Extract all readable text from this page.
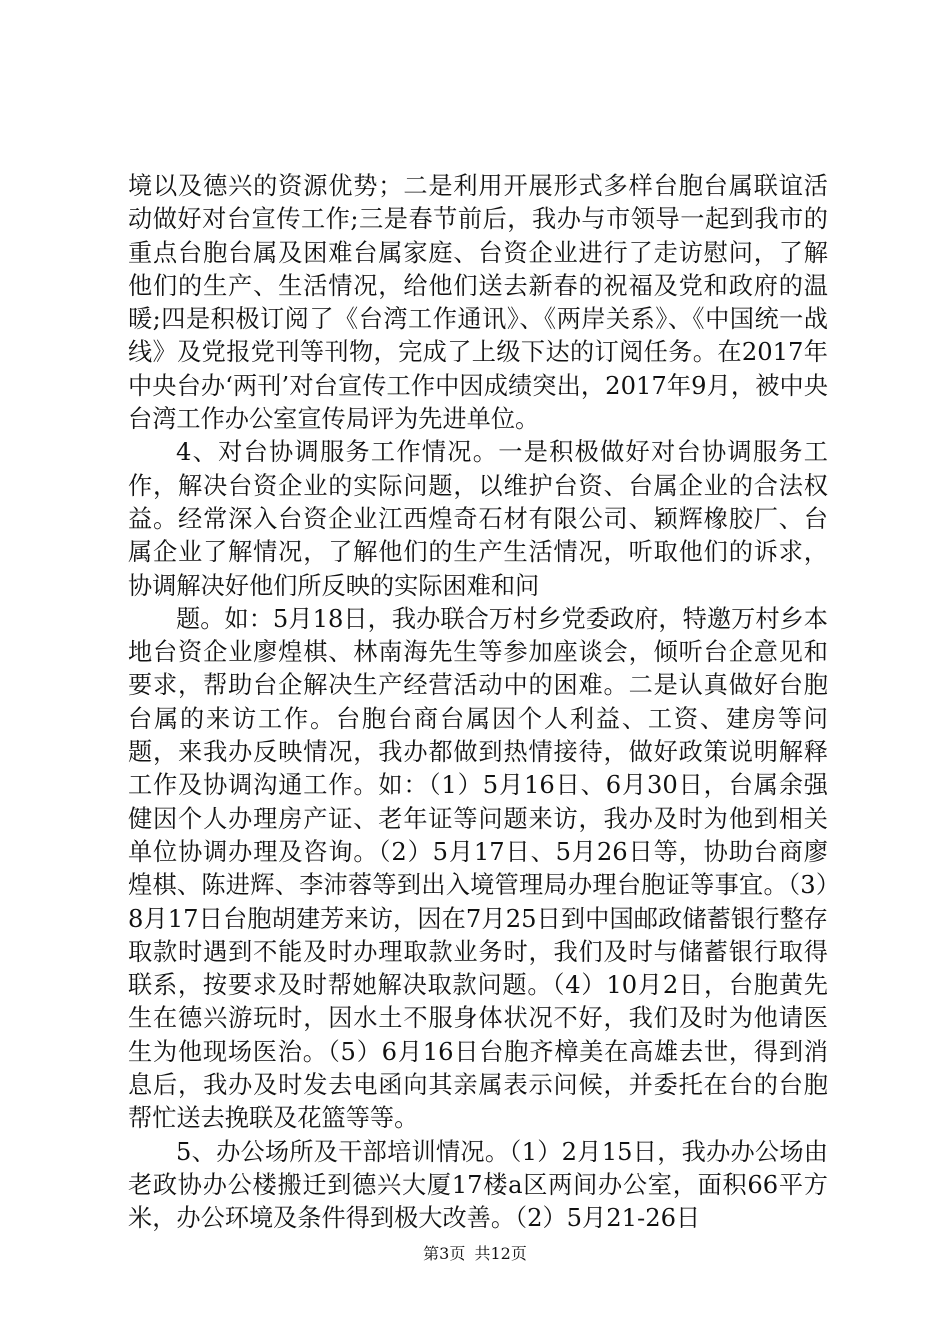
境以及德兴的资源优势；二是利用开展形式多样台胞台属联谊活动做好对台宣传工作;三是春节前后，我办与市领导一起到我市的重点台胞台属及困难台属家庭、台资企业进行了走访慰问，了解他们的生产、生活情况，给他们送去新春的祝福及党和政府的温暖;四是积极订阅了《台湾工作通讯》、《两岸关系》、《中国统一战线》及党报党刊等刊物，完成了上级下达的订阅任务。在2017年中央台办‘两刊’对台宣传工作中因成绩突出，2017年9月，被中央台湾工作办公室宣传局评为先进单位。

4、对台协调服务工作情况。一是积极做好对台协调服务工作，解决台资企业的实际问题，以维护台资、台属企业的合法权益。经常深入台资企业江西煌奇石材有限公司、颖辉橡胶厂、台属企业了解情况，了解他们的生产生活情况，听取他们的诉求，协调解决好他们所反映的实际困难和问

题。如：5月18日，我办联合万村乡党委政府，特邀万村乡本地台资企业廖煌棋、林南海先生等参加座谈会，倾听台企意见和要求，帮助台企解决生产经营活动中的困难。二是认真做好台胞台属的来访工作。台胞台商台属因个人利益、工资、建房等问题，来我办反映情况，我办都做到热情接待，做好政策说明解释工作及协调沟通工作。如：（1）5月16日、6月30日，台属余强健因个人办理房产证、老年证等问题来访，我办及时为他到相关单位协调办理及咨询。（2）5月17日、5月26日等，协助台商廖煌棋、陈进辉、李沛蓉等到出入境管理局办理台胞证等事宜。（3）8月17日台胞胡建芳来访，因在7月25日到中国邮政储蓄银行整存取款时遇到不能及时办理取款业务时，我们及时与储蓄银行取得联系，按要求及时帮她解决取款问题。（4）10月2日，台胞黄先生在德兴游玩时，因水土不服身体状况不好，我们及时为他请医生为他现场医治。（5）6月16日台胞齐樟美在高雄去世，得到消息后，我办及时发去电函向其亲属表示问候，并委托在台的台胞帮忙送去挽联及花篮等等。

5、办公场所及干部培训情况。（1）2月15日，我办办公场由老政协办公楼搬迁到德兴大厦17楼a区两间办公室，面积66平方米，办公环境及条件得到极大改善。（2）5月21-26日

第3页 共12页
